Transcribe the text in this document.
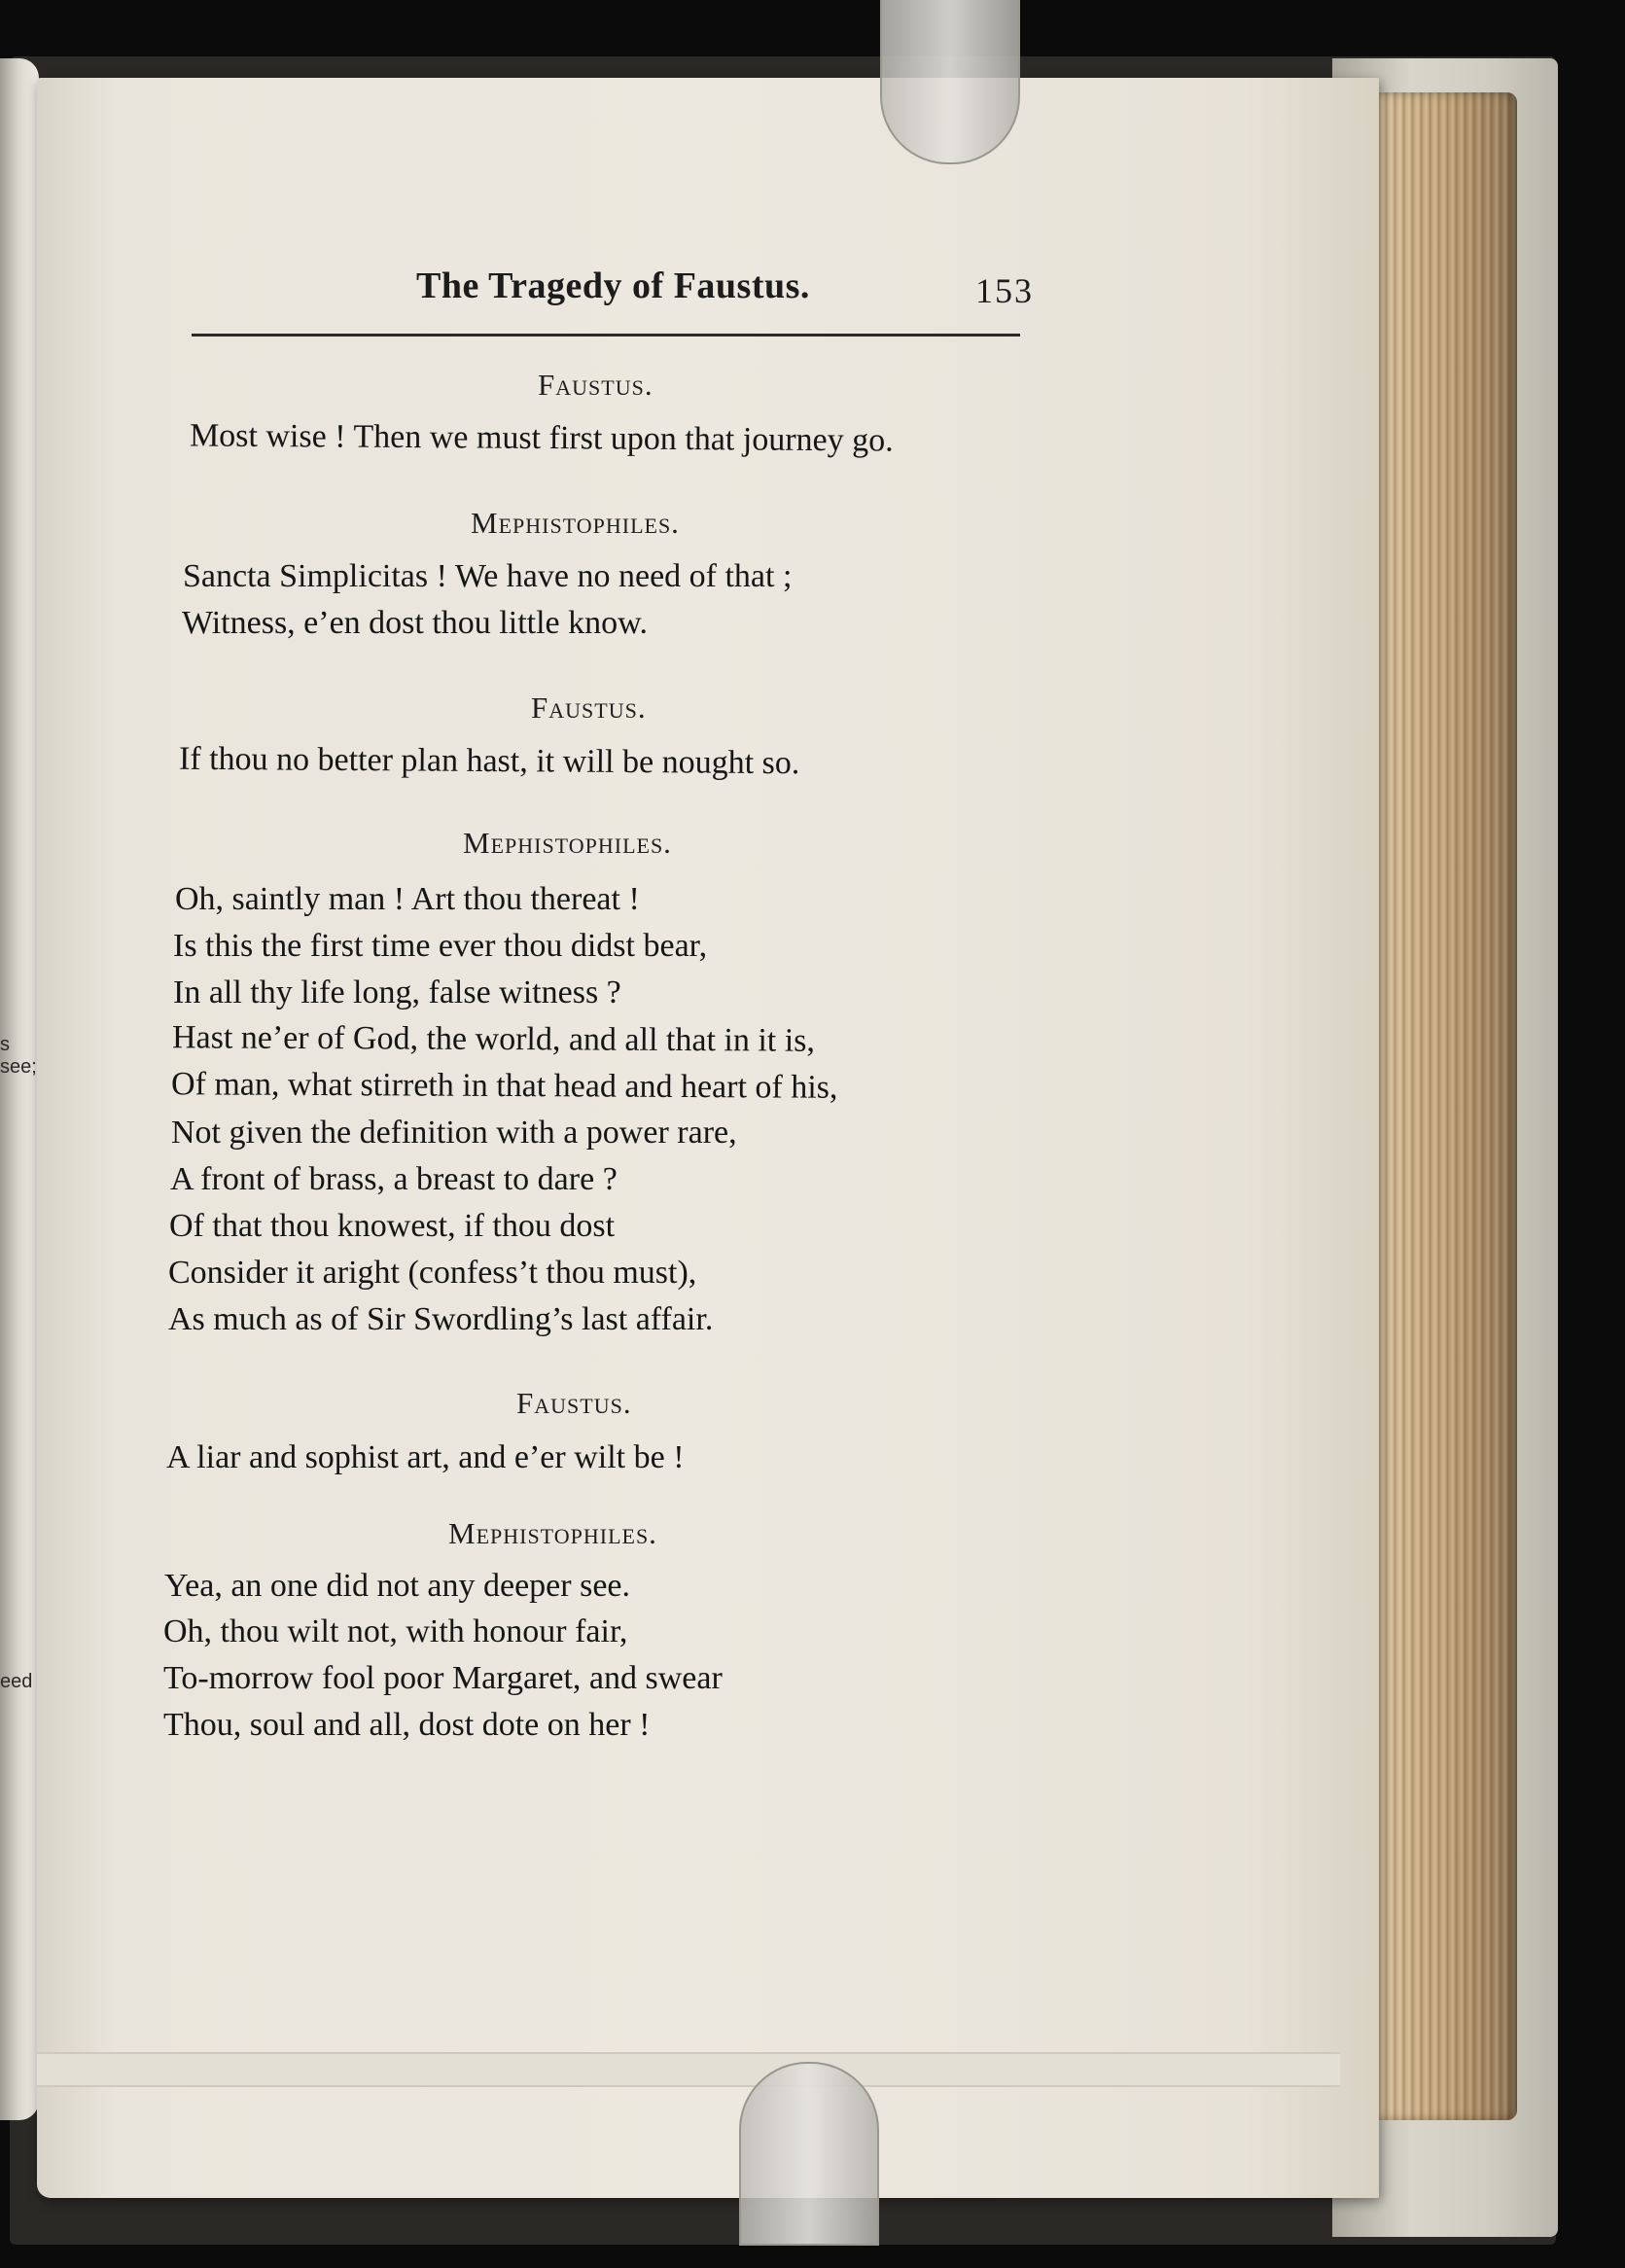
s see;
eed
The Tragedy of Faustus.	153
Faustus.
Most wise ! Then we must first upon that journey go.
Mephistophiles.
Sancta Simplicitas ! We have no need of that ;
Witness, e’en dost thou little know.
Faustus.
If thou no better plan hast, it will be nought so.
Mephistophiles.
Oh, saintly man ! Art thou thereat !
Is this the first time ever thou didst bear,
In all thy life long, false witness ?
Hast ne’er of God, the world, and all that in it is,
Of man, what stirreth in that head and heart of his,
Not given the definition with a power rare,
A front of brass, a breast to dare ?
Of that thou knowest, if thou dost
Consider it aright (confess’t thou must),
As much as of Sir Swordling’s last affair.
Faustus.
A liar and sophist art, and e’er wilt be !
Mephistophiles.
Yea, an one did not any deeper see.
Oh, thou wilt not, with honour fair,
To-morrow fool poor Margaret, and swear
Thou, soul and all, dost dote on her !
